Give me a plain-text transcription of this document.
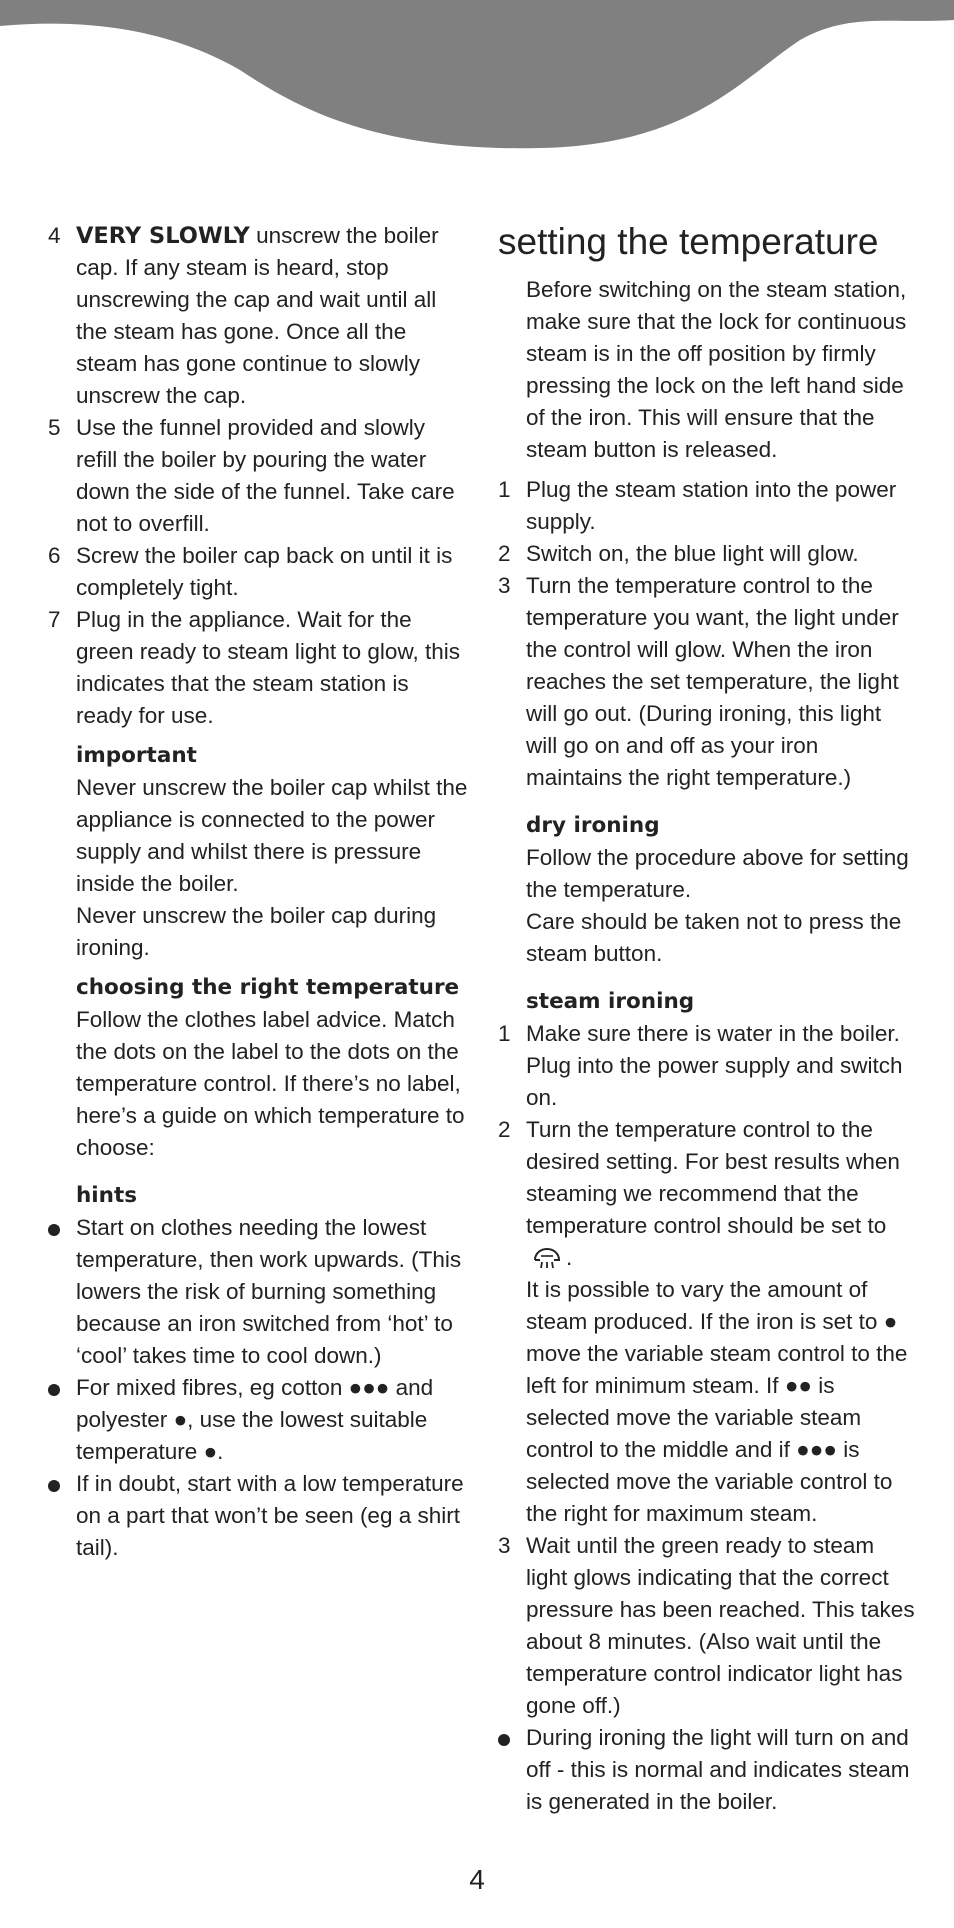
4 VERY SLOWLY unscrew the boiler cap. If any steam is heard, stop unscrewing the cap and wait until all the steam has gone. Once all the steam has gone continue to slowly unscrew the cap.
5 Use the funnel provided and slowly refill the boiler by pouring the water down the side of the funnel. Take care not to overfill.
6 Screw the boiler cap back on until it is completely tight.
7 Plug in the appliance. Wait for the green ready to steam light to glow, this indicates that the steam station is ready for use.
important
Never unscrew the boiler cap whilst the appliance is connected to the power supply and whilst there is pressure inside the boiler.
Never unscrew the boiler cap during ironing.
choosing the right temperature
Follow the clothes label advice. Match the dots on the label to the dots on the temperature control. If there’s no label, here’s a guide on which temperature to choose:
hints
Start on clothes needing the lowest temperature, then work upwards. (This lowers the risk of burning something because an iron switched from ‘hot’ to ‘cool’ takes time to cool down.)
For mixed fibres, eg cotton ●●● and polyester ●, use the lowest suitable temperature ●.
If in doubt, start with a low temperature on a part that won’t be seen (eg a shirt tail).
setting the temperature
Before switching on the steam station, make sure that the lock for continuous steam is in the off position by firmly pressing the lock on the left hand side of the iron. This will ensure that the steam button is released.
1 Plug the steam station into the power supply.
2 Switch on, the blue light will glow.
3 Turn the temperature control to the temperature you want, the light under the control will glow. When the iron reaches the set temperature, the light will go out. (During ironing, this light will go on and off as your iron maintains the right temperature.)
dry ironing
Follow the procedure above for setting the temperature.
Care should be taken not to press the steam button.
steam ironing
1 Make sure there is water in the boiler. Plug into the power supply and switch on.
2 Turn the temperature control to the desired setting. For best results when steaming we recommend that the temperature control should be set to.
It is possible to vary the amount of steam produced. If the iron is set to ● move the variable steam control to the left for minimum steam. If ●● is selected move the variable steam control to the middle and if ●●● is selected move the variable control to the right for maximum steam.
3 Wait until the green ready to steam light glows indicating that the correct pressure has been reached. This takes about 8 minutes. (Also wait until the temperature control indicator light has gone off.)
During ironing the light will turn on and off - this is normal and indicates steam is generated in the boiler.
4
